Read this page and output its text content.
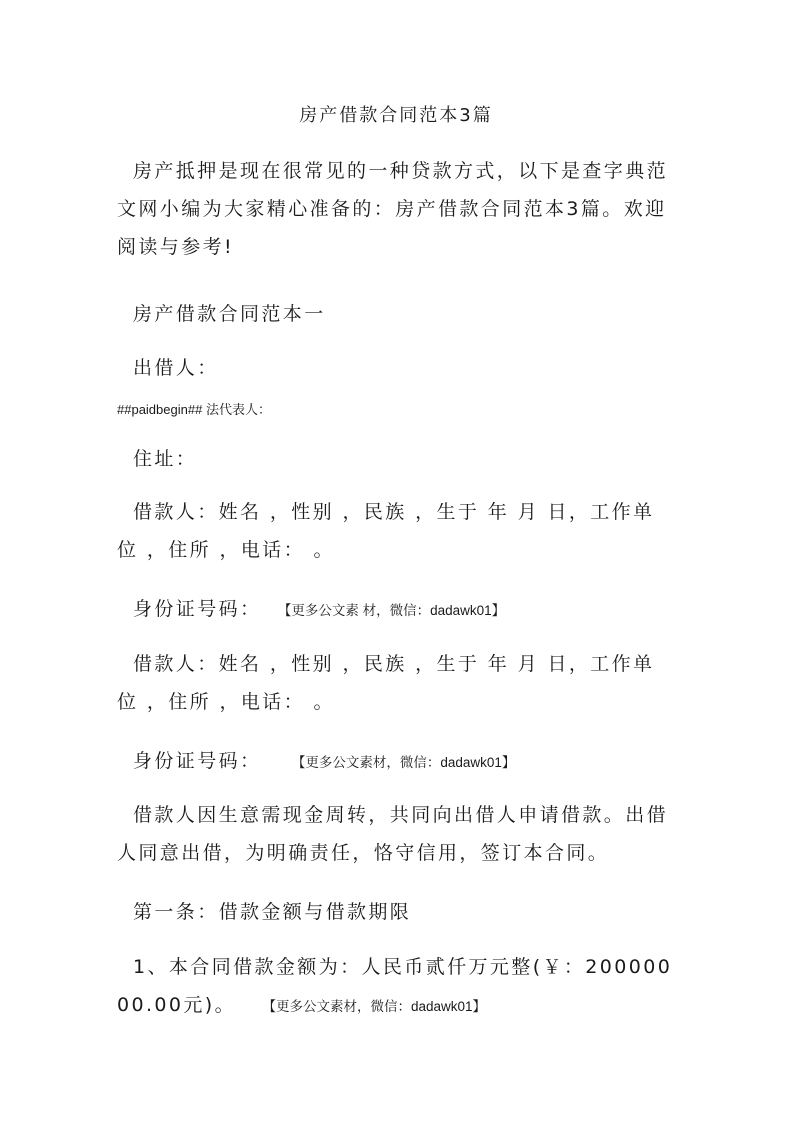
房产借款合同范本3篇
房产抵押是现在很常见的一种贷款方式，以下是查字典范文网小编为大家精心准备的：房产借款合同范本3篇。欢迎阅读与参考!
房产借款合同范本一
出借人：
##paidbegin## 法代表人：
住址：
借款人：姓名 ，性别 ，民族 ，生于 年 月 日，工作单位 ，住所 ，电话： 。
身份证号码： 【更多公文素 材，微信：dadawk01】
借款人：姓名 ，性别 ，民族 ，生于 年 月 日，工作单位 ，住所 ，电话： 。
身份证号码： 【更多公文素材，微信：dadawk01】
借款人因生意需现金周转，共同向出借人申请借款。出借人同意出借，为明确责任，恪守信用，签订本合同。
第一条：借款金额与借款期限
1、本合同借款金额为：人民币贰仟万元整(￥：20000000.00元)。 【更多公文素材，微信：dadawk01】
